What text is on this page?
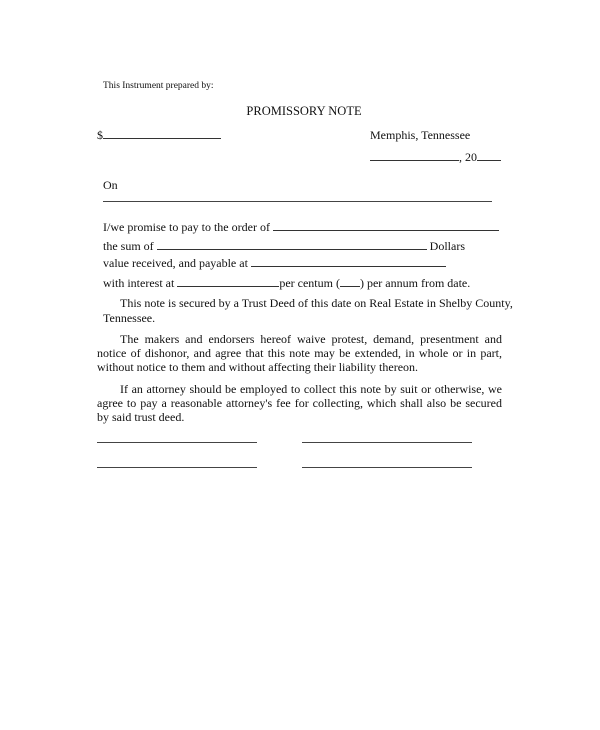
This Instrument prepared by:
PROMISSORY NOTE
$	Memphis, Tennessee
, 20
On
I/we promise to pay to the order of
the sum of	Dollars
value received, and payable at
with interest at	per centum ( ) per annum from date.
This note is secured by a Trust Deed of this date on Real Estate in Shelby County,
Tennessee.
The makers and endorsers hereof waive protest, demand, presentment and notice of dishonor, and agree that this note may be extended, in whole or in part, without notice to them and without affecting their liability thereon.
If an attorney should be employed to collect this note by suit or otherwise, we agree to pay a reasonable attorney's fee for collecting, which shall also be secured by said trust deed.
